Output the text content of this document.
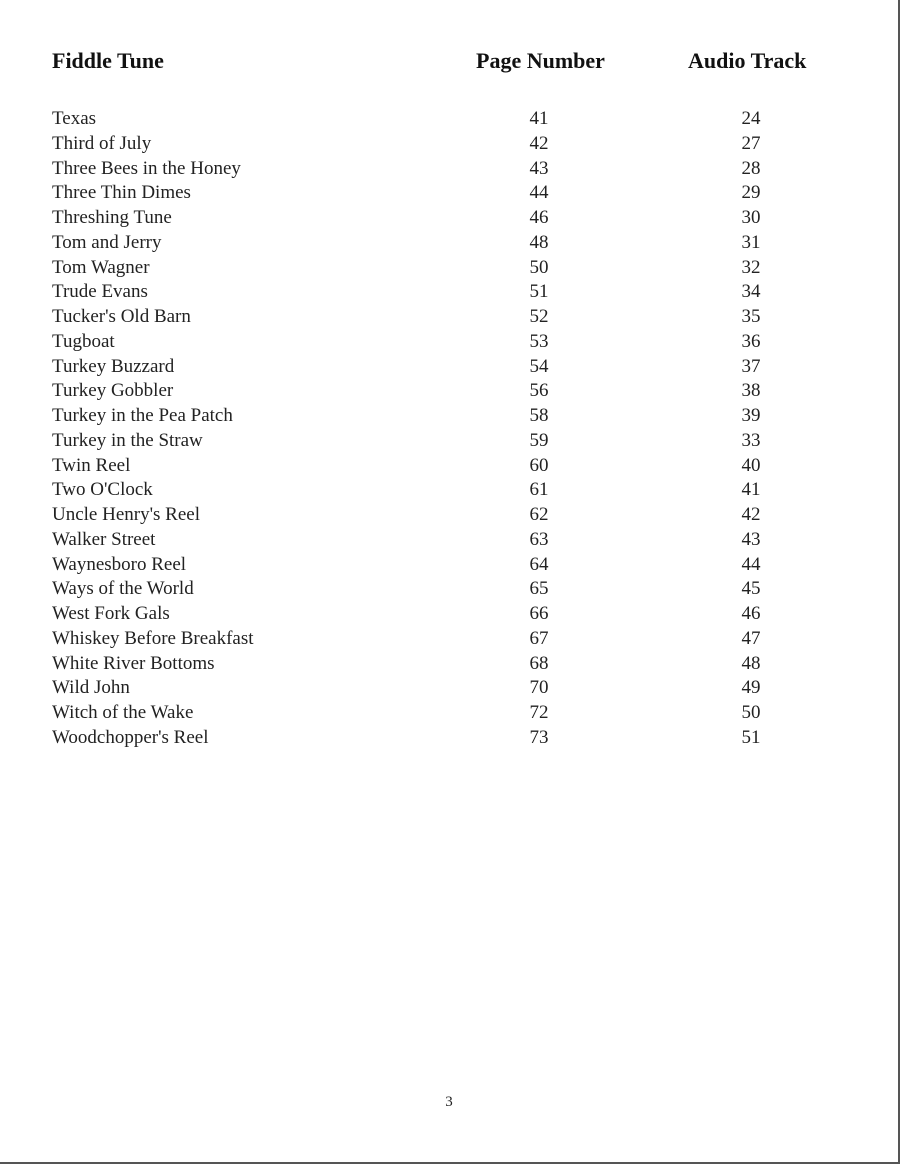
Fiddle Tune	Page Number	Audio Track
Texas	41	24
Third of July	42	27
Three Bees in the Honey	43	28
Three Thin Dimes	44	29
Threshing Tune	46	30
Tom and Jerry	48	31
Tom Wagner	50	32
Trude Evans	51	34
Tucker's Old Barn	52	35
Tugboat	53	36
Turkey Buzzard	54	37
Turkey Gobbler	56	38
Turkey in the Pea Patch	58	39
Turkey in the Straw	59	33
Twin Reel	60	40
Two O'Clock	61	41
Uncle Henry's Reel	62	42
Walker Street	63	43
Waynesboro Reel	64	44
Ways of the World	65	45
West Fork Gals	66	46
Whiskey Before Breakfast	67	47
White River Bottoms	68	48
Wild John	70	49
Witch of the Wake	72	50
Woodchopper's Reel	73	51
3
